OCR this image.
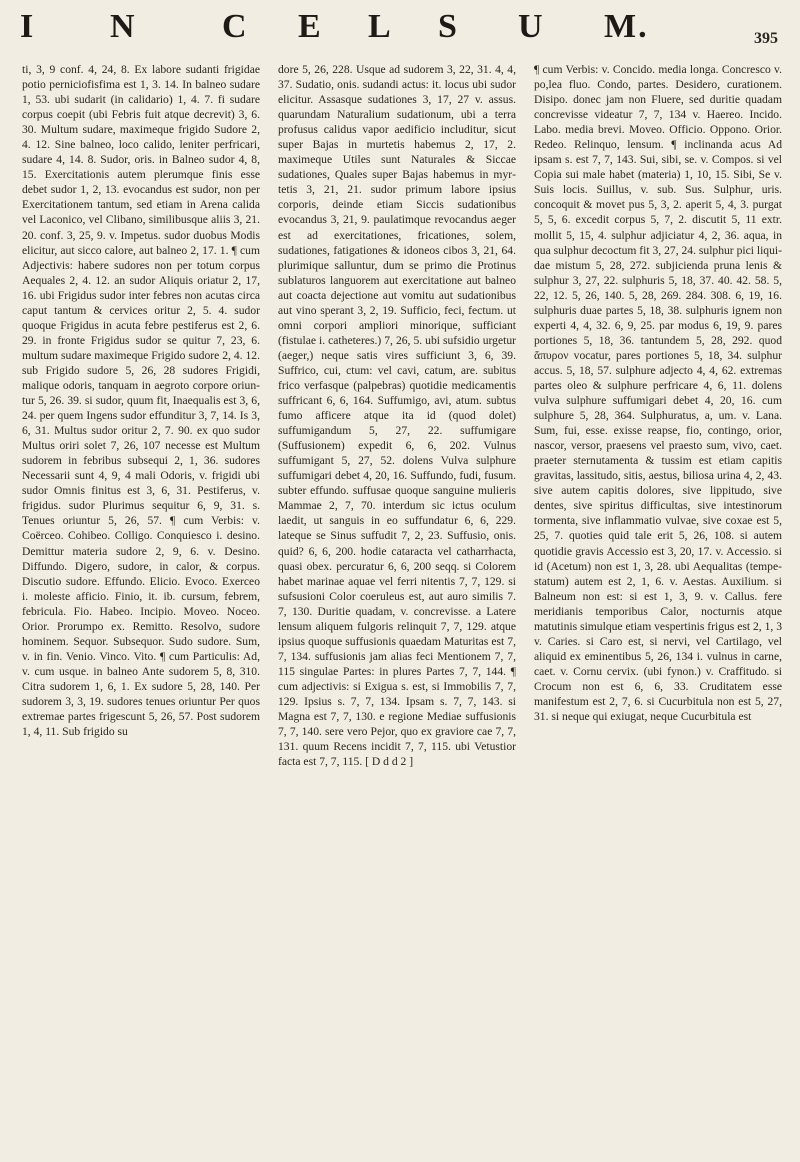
I N	C E L S U M.	395

ti, 3, 9 conf. 4, 24, 8. Ex labore sudanti frigidae potio perniciofisfima est 1, 3. 14. In balneo sudare 1, 53. ubi sudarit (in calidario) 1, 4. 7. fi sudare corpus coepit (ubi Febris fuit atque decrevit) 3, 6. 30. Multum sudare, maximeque frigido Sudore 2, 4. 12. Sine balneo, loco calido, leniter perfricari, sudare 4, 14. 8. Sudor, oris. in Balneo sudor 4, 8, 15. Exercitationis autem plerumque finis esse debet sudor 1, 2, 13. evocandus est sudor, non per Exercitationem tantum, sed etiam in Arena calida vel Laconico, vel Clibano, similibusque aliis 3, 21. 20. conf. 3, 25, 9. v. Impetus. sudor duobus Modis elicitur, aut sicco calore, aut balneo 2, 17. 1. ¶ cum Adjectivis: habere sudores non per totum corpus Aequales 2, 4. 12. an sudor Aliquis oriatur 2, 17, 16. ubi Frigidus sudor inter febres non acutas circa caput tantum & cervices oritur 2, 5. 4. sudor quoque Frigidus in acuta febre pestiferus est 2, 6. 29. in fronte Frigidus sudor se quitur 7, 23, 6. multum sudare maximeque Frigido sudore 2, 4. 12. sub Frigido sudore 5, 26, 28 sudores Frigidi, malique odoris, tanquam in aegroto corpore oriuntur 5, 26. 39. si sudor, quum fit, Inaequalis est 3, 6, 24. per quem Ingens sudor effunditur 3, 7, 14. Is 3, 6, 31. Multus sudor oritur 2, 7. 90. ex quo sudor Multus oriri solet 7, 26, 107 necesse est Multum sudorem in febribus subsequi 2, 1, 36. sudores Necessarii sunt 4, 9, 4 mali Odoris, v. frigidi ubi sudor Omnis finitus est 3, 6, 31. Pestiferus, v. frigidus. sudor Plurimus sequitur 6, 9, 31. s. Tenues oriuntur 5, 26, 57. ¶ cum Verbis: v. Coërceo. Cohibeo. Colligo. Conquiesco i. desino. Demittur materia sudore 2, 9, 6. v. Desino. Diffundo. Digero, sudore, in calor, & corpus. Discutio sudore. Effundo. Elicio. Evoco. Exerceo i. moleste afficio. Finio, it. ib. cursum, febrem, febricula. Fio. Habeo. Incipio. Moveo. Noceo. Orior. Prorumpo ex. Remitto. Resolvo, sudore hominem. Sequor. Subsequor. Sudo sudore. Sum, v. in fin. Venio. Vinco. Vito. ¶ cum Particulis: Ad, v. cum usque. in balneo Ante sudorem 5, 8, 310. Citra sudorem 1, 6, 1. Ex sudore 5, 28, 140. Per sudorem 3, 3, 19. sudores tenues oriuntur Per quos extremae partes frigescunt 5, 26, 57. Post sudorem 1, 4, 11. Sub frigido su

dore 5, 26, 228. Usque ad sudorem 3, 22, 31. 4, 4, 37. Sudatio, onis. sudandi actus: it. locus ubi sudor elicitur. Assasque sudationes 3, 17, 27 v. assus. quarundam Naturalium sudationum, ubi a terra profusus calidus vapor aedificio includitur, sicut super Bajas in murtetis habemus 2, 17, 2. maximeque Utiles sunt Naturales & Siccae sudationes, Quales super Bajas habemus in myrtetis 3, 21, 21. sudor primum labore ipsius corporis, deinde etiam Siccis sudationibus evocandus 3, 21, 9. paulatimque revocandus aeger est ad exercitationes, fricationes, solem, sudationes, fatigationes & idoneos cibos 3, 21, 64. plurimique salluntur, dum se primo die Protinus sublaturos languorem aut exercitatione aut balneo aut coacta dejectione aut vomitu aut sudationibus aut vino sperant 3, 2, 19. Sufficio, feci, fectum. ut omni corpori ampliori minorique, sufficiant (fistulae i. catheteres.) 7, 26, 5. ubi sufsidio urgetur (aeger,) neque satis vires sufficiunt 3, 6, 39. Suffrico, cui, ctum: vel cavi, catum, are. subitus frico verfasque (palpebras) quotidie medicamentis suffricant 6, 6, 164. Suffumigo, avi, atum. subtus fumo afficere atque ita id (quod dolet) suffumigandum 5, 27, 22. suffumigare (Suffusionem) expedit 6, 6, 202. Vulnus suffumigant 5, 27, 52. dolens Vulva sulphure suffumigari debet 4, 20, 16. Suffundo, fudi, fusum. subter effundo. suffusae quoque sanguine mulieris Mammae 2, 7, 70. interdum sic ictus oculum laedit, ut sanguis in eo suffundatur 6, 6, 229. lateque se Sinus suffudit 7, 2, 23. Suffusio, onis. quid? 6, 6, 200. hodie cataracta vel catharrhacta, quasi obex. percuratur 6, 6, 200 seqq. si Colorem habet marinae aquae vel ferri nitentis 7, 7, 129. si sufsusioni Color coeruleus est, aut auro similis 7. 7, 130. Duritie quadam, v. concrevisse. a Latere lensum aliquem fulgoris relinquit 7, 7, 129. atque ipsius quoque suffusionis quaedam Maturitas est 7, 7, 134. suffusionis jam alias feci Mentionem 7, 7, 115 singulae Partes: in plures Partes 7, 7, 144. ¶ cum adjectivis: si Exigua s. est, si Immobilis 7, 7, 129. Ipsius s. 7, 7, 134. Ipsam s. 7, 7, 143. si Magna est 7, 7, 130. e regione Mediae suffusionis 7, 7, 140. sere vero Pejor, quo ex graviore cae 7, 7, 131. quum Recens incidit 7, 7, 115. ubi Vetustior facta est 7, 7, 115. [ D d d 2 ]

¶ cum Verbis: v. Concido. media longa. Concresco v. po,lea fluo. Condo, partes. Desidero, curationem. Disipo. donec jam non Fluere, sed duritie quadam concrevisse videatur 7, 7, 134 v. Haereo. Incido. Labo. media brevi. Moveo. Officio. Oppono. Orior. Redeo. Relinquo, lensum. ¶ inclinanda acus Ad ipsam s. est 7, 7, 143. Sui, sibi, se. v. Compos. si vel Copia sui male habet (materia) 1, 10, 15. Sibi, Se v. Suis locis. Suillus, v. sub. Sus. Sulphur, uris. concoquit & movet pus 5, 3, 2. aperit 5, 4, 3. purgat 5, 5, 6. excedit corpus 5, 7, 2. discutit 5, 11 extr. mollit 5, 15, 4. sulphur adjiciatur 4, 2, 36. aqua, in qua sulphur decoctum fit 3, 27, 24. sulphur pici liquidae mistum 5, 28, 272. subjicienda pruna lenis & sulphur 3, 27, 22. sulphuris 5, 18, 37. 40. 42. 58. 5, 22, 12. 5, 26, 140. 5, 28, 269. 284. 308. 6, 19, 16. sulphuris duae partes 5, 18, 38. sulphuris ignem non experti 4, 4, 32. 6, 9, 25. par modus 6, 19, 9. pares portiones 5, 18, 36. tantundem 5, 28, 292. quod ἄπυρον vocatur, pares portiones 5, 18, 34. sulphur accus. 5, 18, 57. sulphure adjecto 4, 4, 62. extremas partes oleo & sulphure perfricare 4, 6, 11. dolens vulva sulphure suffumigari debet 4, 20, 16. cum sulphure 5, 28, 364. Sulphuratus, a, um. v. Lana. Sum, fui, esse. exisse reapse, fio, contingo, orior, nascor, versor, praesens vel praesto sum, vivo, caet. praeter sternutamenta & tussim est etiam capitis gravitas, lassitudo, sitis, aestus, biliosa urina 4, 2, 43. sive autem capitis dolores, sive lippitudo, sive dentes, sive spiritus difficultas, sive intestinorum tormenta, sive inflammatio vulvae, sive coxae est 5, 25, 7. quoties quid tale erit 5, 26, 108. si autem quotidie gravis Accessio est 3, 20, 17. v. Accessio. si id (Acetum) non est 1, 3, 28. ubi Aequalitas (tempestatum) autem est 2, 1, 6. v. Aestas. Auxilium. si Balneum non est: si est 1, 3, 9. v. Callus. fere meridianis temporibus Calor, nocturnis atque matutinis simulque etiam vespertinis frigus est 2, 1, 3 v. Caries. si Caro est, si nervi, vel Cartilago, vel aliquid ex eminentibus 5, 26, 134 i. vulnus in carne, caet. v. Cornu cervix. (ubi fynon.) v. Craffitudo. si Crocum non est 6, 6, 33. Cruditatem esse manifestum est 2, 7, 6. si Cucurbitula non est 5, 27, 31. si neque qui exiugat, neque Cucurbitula est
